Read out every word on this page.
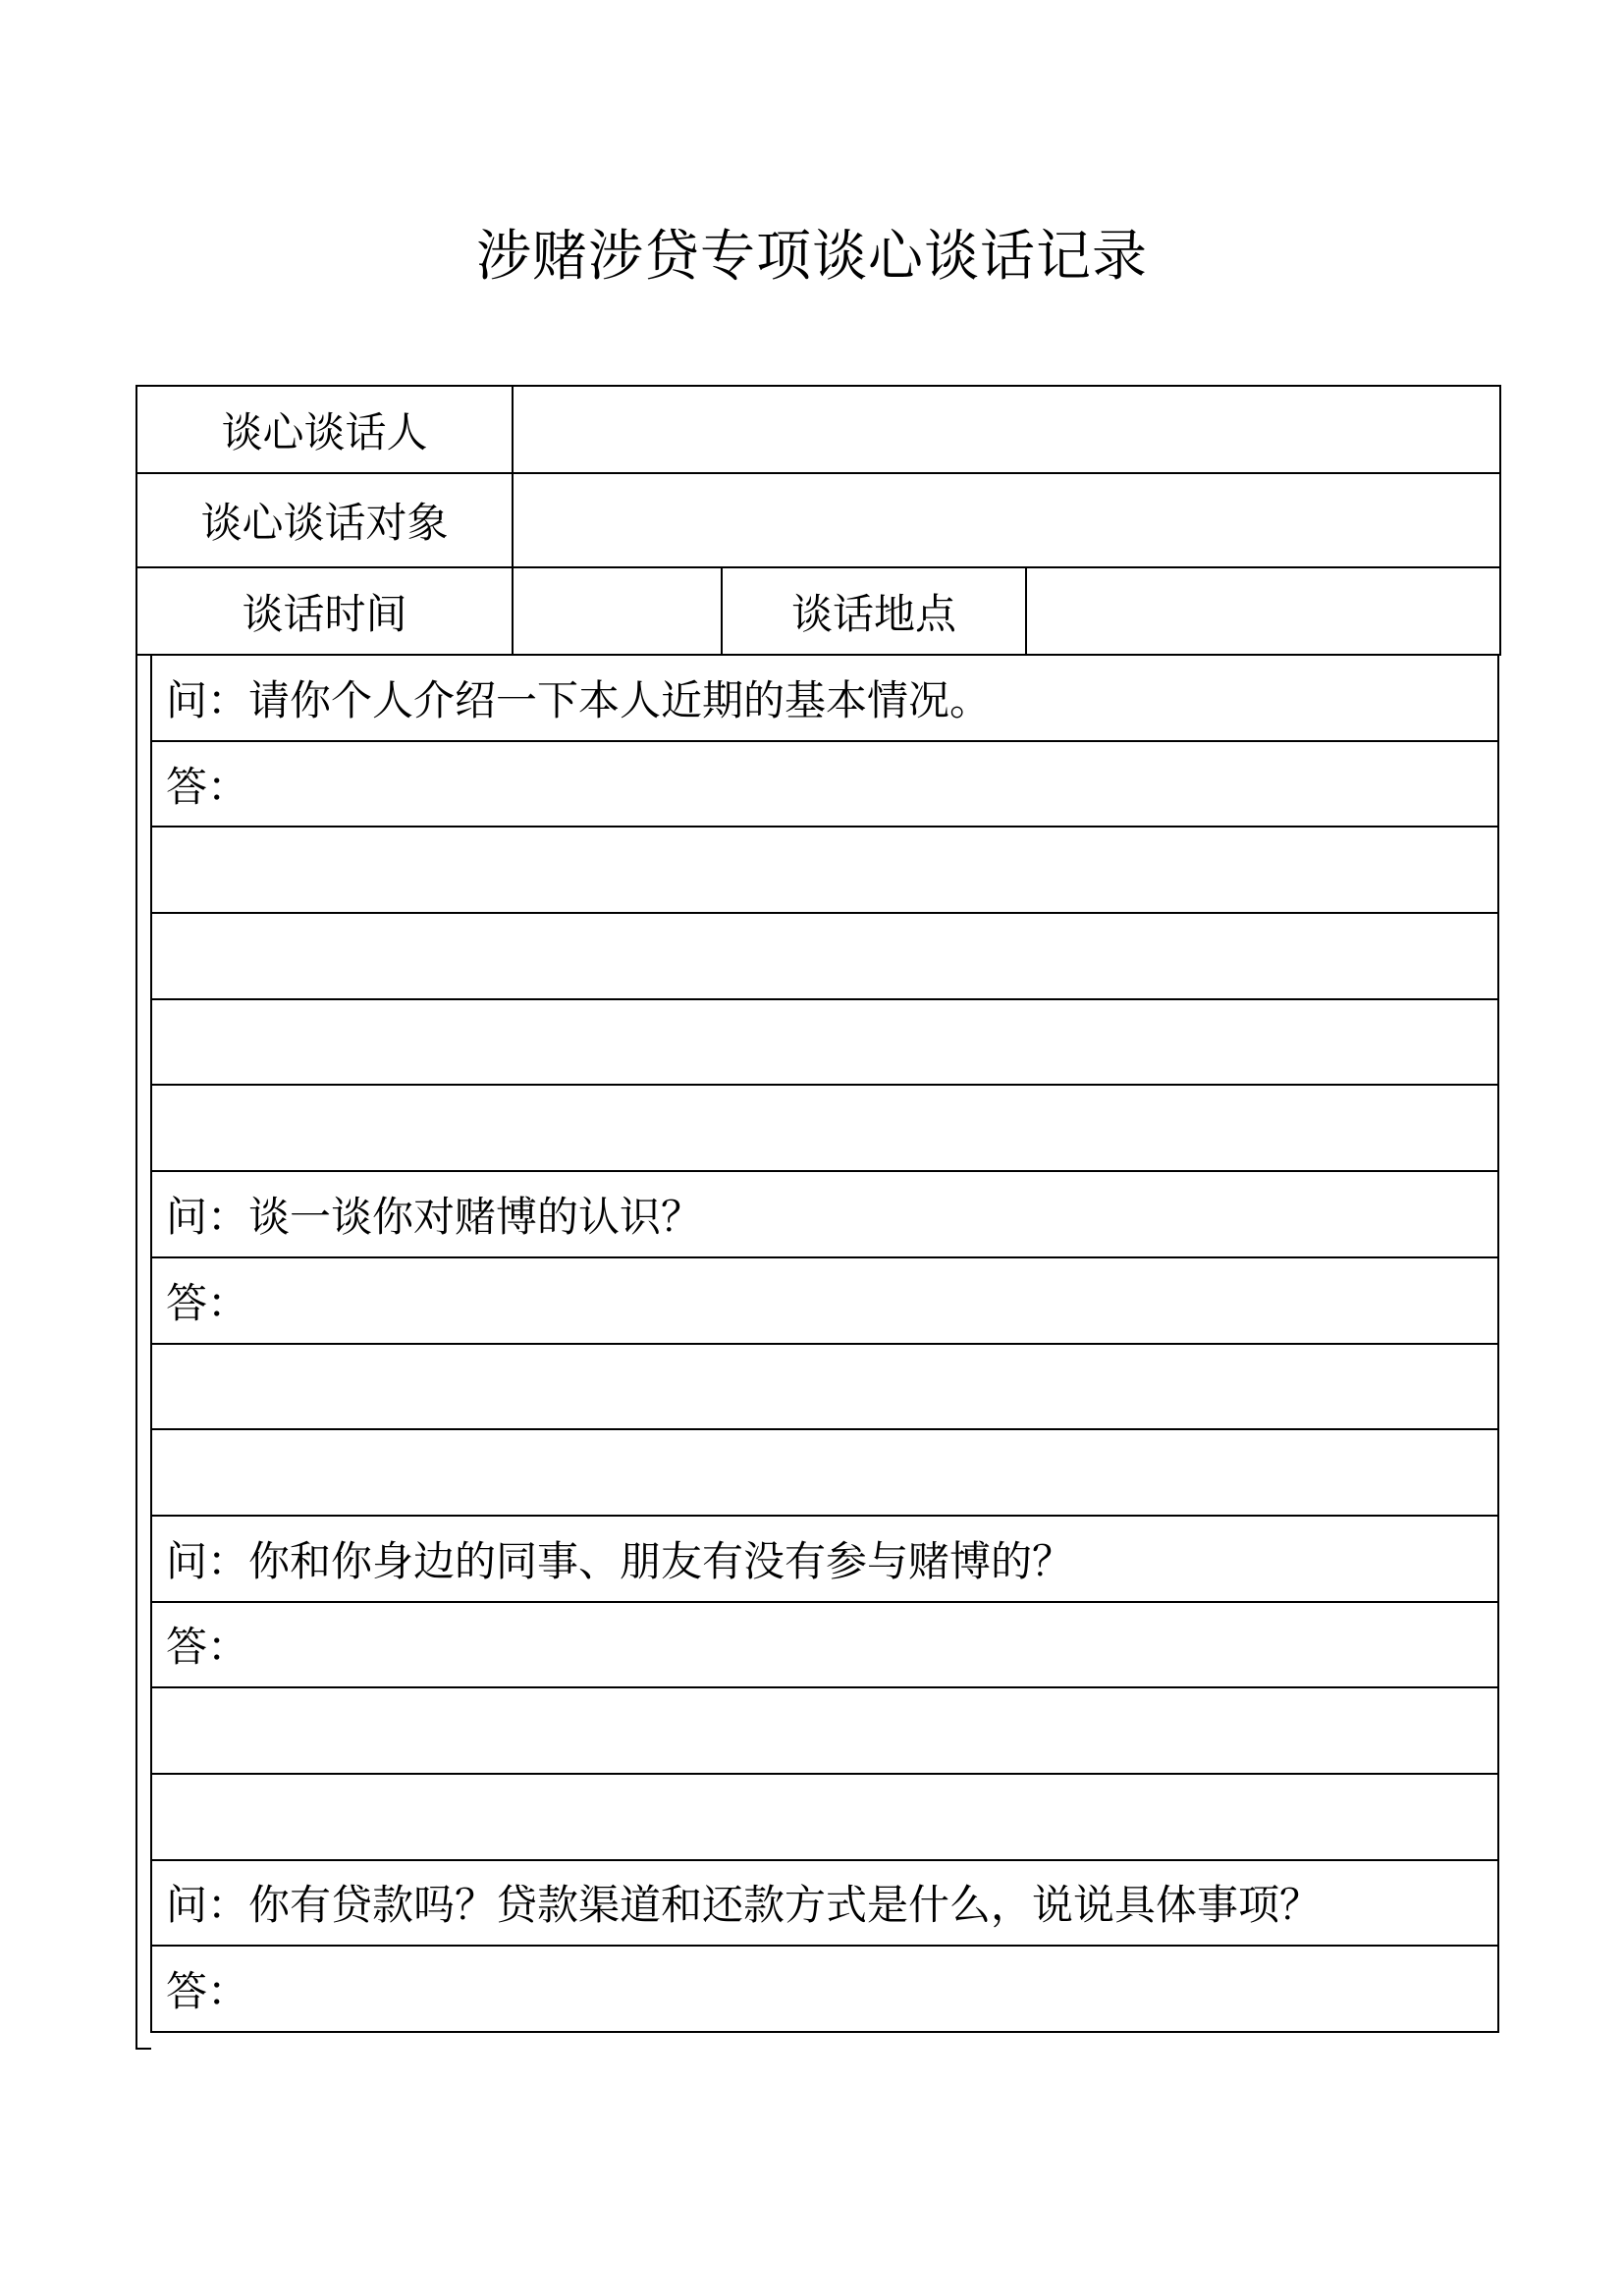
涉赌涉贷专项谈心谈话记录
谈心谈话人			
谈心谈话对象			
谈话时间		谈话地点	
问：请你个人介绍一下本人近期的基本情况。
答：

问：谈一谈你对赌博的认识？
答：

问：你和你身边的同事、朋友有没有参与赌博的？
答：

问：你有贷款吗？贷款渠道和还款方式是什么，说说具体事项？
答：
